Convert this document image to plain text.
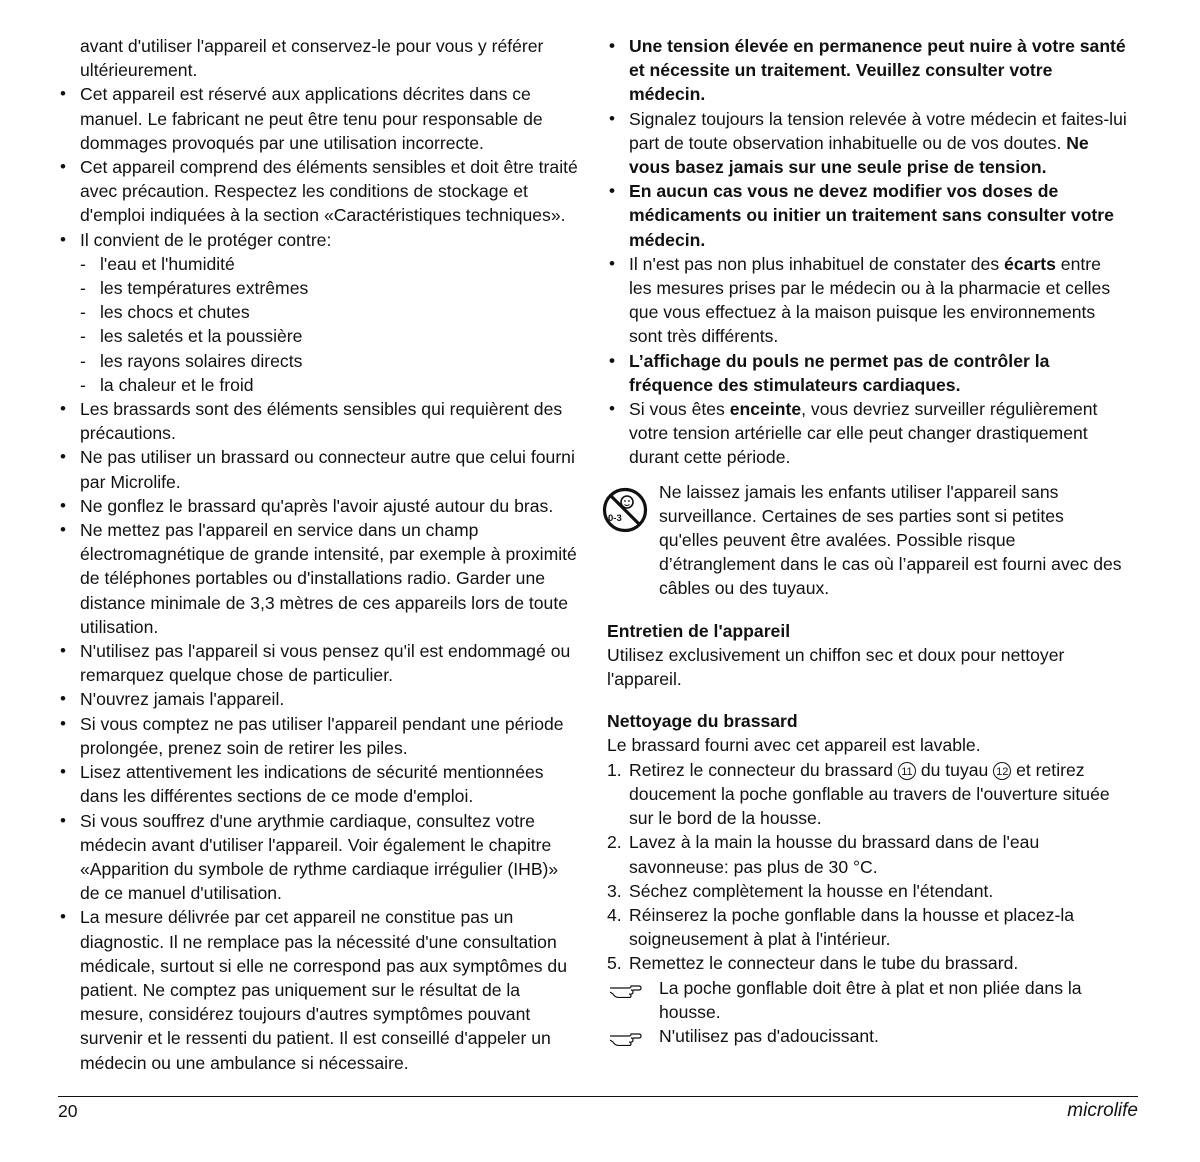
avant d'utiliser l'appareil et conservez-le pour vous y référer ultérieurement.

• Cet appareil est réservé aux applications décrites dans ce manuel. Le fabricant ne peut être tenu pour responsable de dommages provoqués par une utilisation incorrecte.
• Cet appareil comprend des éléments sensibles et doit être traité avec précaution. Respectez les conditions de stockage et d'emploi indiquées à la section «Caractéristiques techniques».
• Il convient de le protéger contre:
- l'eau et l'humidité
- les températures extrêmes
- les chocs et chutes
- les saletés et la poussière
- les rayons solaires directs
- la chaleur et le froid
• Les brassards sont des éléments sensibles qui requièrent des précautions.
• Ne pas utiliser un brassard ou connecteur autre que celui fourni par Microlife.
• Ne gonflez le brassard qu'après l'avoir ajusté autour du bras.
• Ne mettez pas l'appareil en service dans un champ électromagnétique de grande intensité, par exemple à proximité de téléphones portables ou d'installations radio. Garder une distance minimale de 3,3 mètres de ces appareils lors de toute utilisation.
• N'utilisez pas l'appareil si vous pensez qu'il est endommagé ou remarquez quelque chose de particulier.
• N'ouvrez jamais l'appareil.
• Si vous comptez ne pas utiliser l'appareil pendant une période prolongée, prenez soin de retirer les piles.
• Lisez attentivement les indications de sécurité mentionnées dans les différentes sections de ce mode d'emploi.
• Si vous souffrez d'une arythmie cardiaque, consultez votre médecin avant d'utiliser l'appareil. Voir également le chapitre «Apparition du symbole de rythme cardiaque irrégulier (IHB)» de ce manuel d'utilisation.
• La mesure délivrée par cet appareil ne constitue pas un diagnostic. Il ne remplace pas la nécessité d'une consultation médicale, surtout si elle ne correspond pas aux symptômes du patient. Ne comptez pas uniquement sur le résultat de la mesure, considérez toujours d'autres symptômes pouvant survenir et le ressenti du patient. Il est conseillé d'appeler un médecin ou une ambulance si nécessaire.
• Une tension élevée en permanence peut nuire à votre santé et nécessite un traitement. Veuillez consulter votre médecin.
• Signalez toujours la tension relevée à votre médecin et faites-lui part de toute observation inhabituelle ou de vos doutes. Ne vous basez jamais sur une seule prise de tension.
• En aucun cas vous ne devez modifier vos doses de médicaments ou initier un traitement sans consulter votre médecin.
• Il n'est pas non plus inhabituel de constater des écarts entre les mesures prises par le médecin ou à la pharmacie et celles que vous effectuez à la maison puisque les environnements sont très différents.
• L’affichage du pouls ne permet pas de contrôler la fréquence des stimulateurs cardiaques.
• Si vous êtes enceinte, vous devriez surveiller régulièrement votre tension artérielle car elle peut changer drastiquement durant cette période.
0-3

Ne laissez jamais les enfants utiliser l'appareil sans surveillance. Certaines de ses parties sont si petites qu'elles peuvent être avalées. Possible risque d’étranglement dans le cas où l’appareil est fourni avec des câbles ou des tuyaux.

Entretien de l'appareil

Utilisez exclusivement un chiffon sec et doux pour nettoyer l'appareil.

Nettoyage du brassard

Le brassard fourni avec cet appareil est lavable.

1. Retirez le connecteur du brassard 11 du tuyau 12 et retirez doucement la poche gonflable au travers de l'ouverture située sur le bord de la housse.
2. Lavez à la main la housse du brassard dans de l'eau savonneuse: pas plus de 30 °C.
3. Séchez complètement la housse en l'étendant.
4. Réinserez la poche gonflable dans la housse et placez-la soigneusement à plat à l'intérieur.
5. Remettez le connecteur dans le tube du brassard.
La poche gonflable doit être à plat et non pliée dans la housse.
N'utilisez pas d'adoucissant.
20	microlife
